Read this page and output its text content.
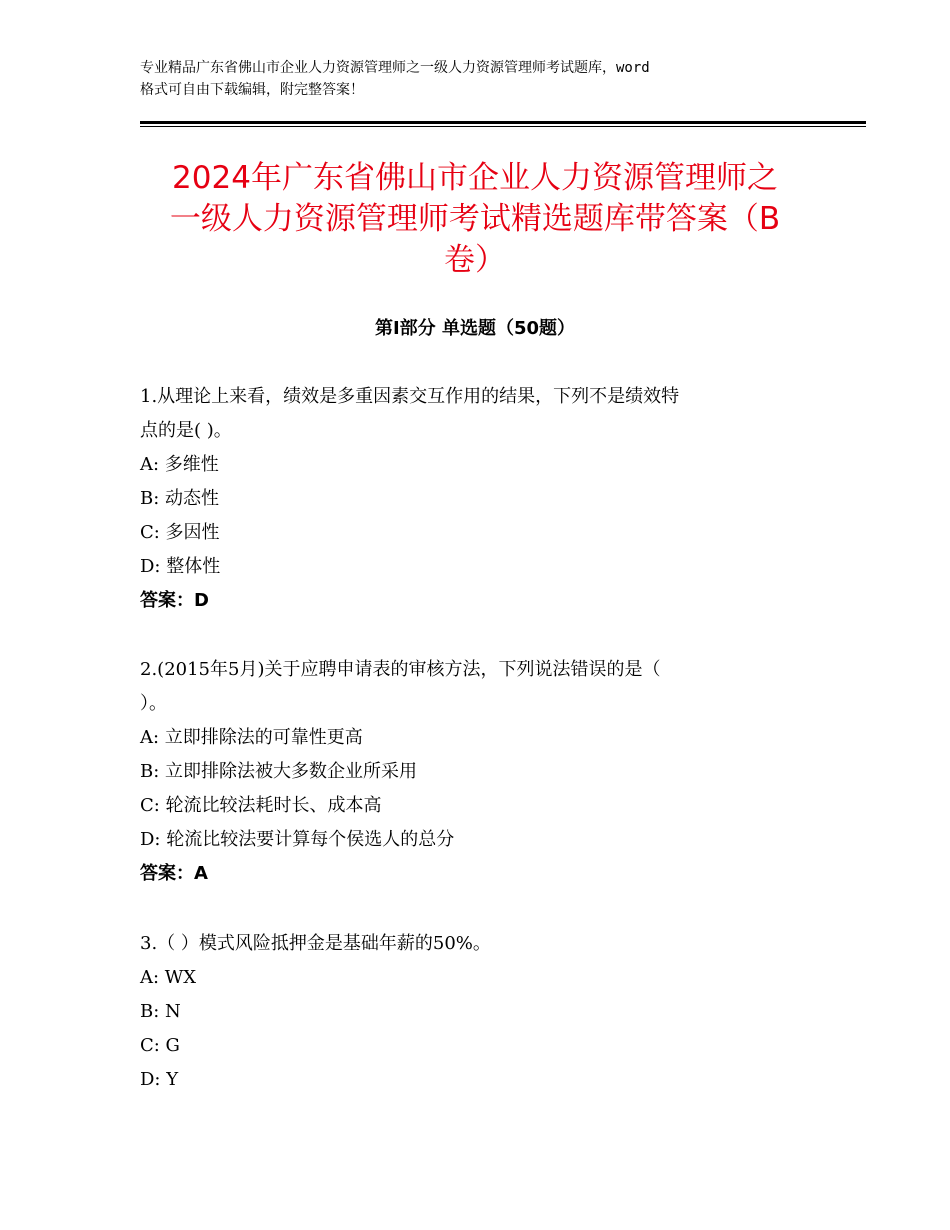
专业精品广东省佛山市企业人力资源管理师之一级人力资源管理师考试题库，word
格式可自由下载编辑，附完整答案！
2024年广东省佛山市企业人力资源管理师之
一级人力资源管理师考试精选题库带答案（B
卷）
第Ⅰ部分 单选题（50题）
1.从理论上来看，绩效是多重因素交互作用的结果，下列不是绩效特
点的是( )。
A: 多维性
B: 动态性
C: 多因性
D: 整体性
答案：D
2.(2015年5月)关于应聘申请表的审核方法，下列说法错误的是（
）。
A: 立即排除法的可靠性更高
B: 立即排除法被大多数企业所采用
C: 轮流比较法耗时长、成本高
D: 轮流比较法要计算每个侯选人的总分
答案：A
3.（ ）模式风险抵押金是基础年薪的50%。
A: WX
B: N
C: G
D: Y
